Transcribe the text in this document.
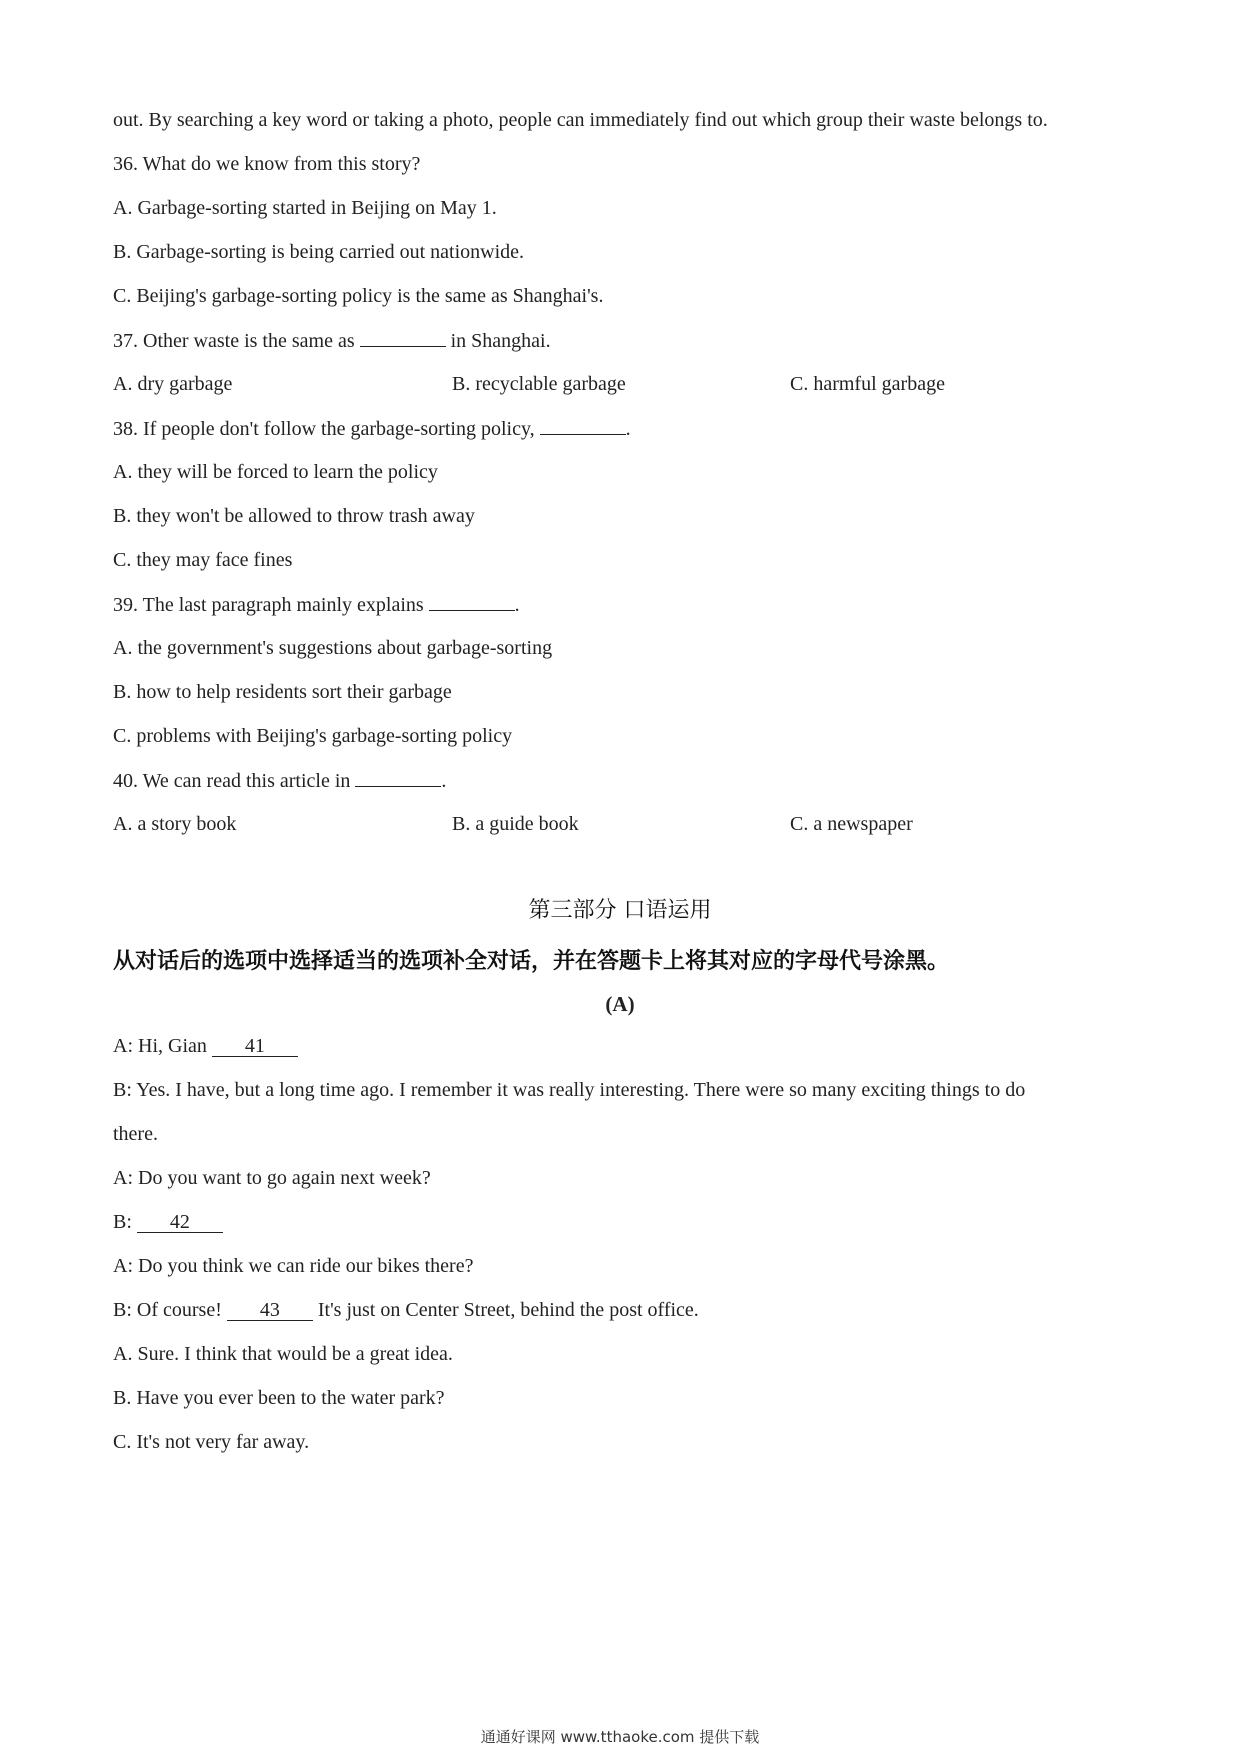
out. By searching a key word or taking a photo, people can immediately find out which group their waste belongs to.
36. What do we know from this story?
A. Garbage-sorting started in Beijing on May 1.
B. Garbage-sorting is being carried out nationwide.
C. Beijing's garbage-sorting policy is the same as Shanghai's.
37. Other waste is the same as	in Shanghai.
A. dry garbage	B. recyclable garbage	C. harmful garbage
38. If people don't follow the garbage-sorting policy,	.
A. they will be forced to learn the policy
B. they won't be allowed to throw trash away
C. they may face fines
39. The last paragraph mainly explains	.
A. the government's suggestions about garbage-sorting
B. how to help residents sort their garbage
C. problems with Beijing's garbage-sorting policy
40. We can read this article in	.
A. a story book	B. a guide book	C. a newspaper
第三部分 口语运用
从对话后的选项中选择适当的选项补全对话，并在答题卡上将其对应的字母代号涂黑。
(A)
A: Hi, Gian 41
B: Yes. I have, but a long time ago. I remember it was really interesting. There were so many exciting things to do
there.
A: Do you want to go again next week?
B: 42
A: Do you think we can ride our bikes there?
B: Of course! 43 It's just on Center Street, behind the post office.
A. Sure. I think that would be a great idea.
B. Have you ever been to the water park?
C. It's not very far away.
通通好课网 www.tthaoke.com 提供下载
